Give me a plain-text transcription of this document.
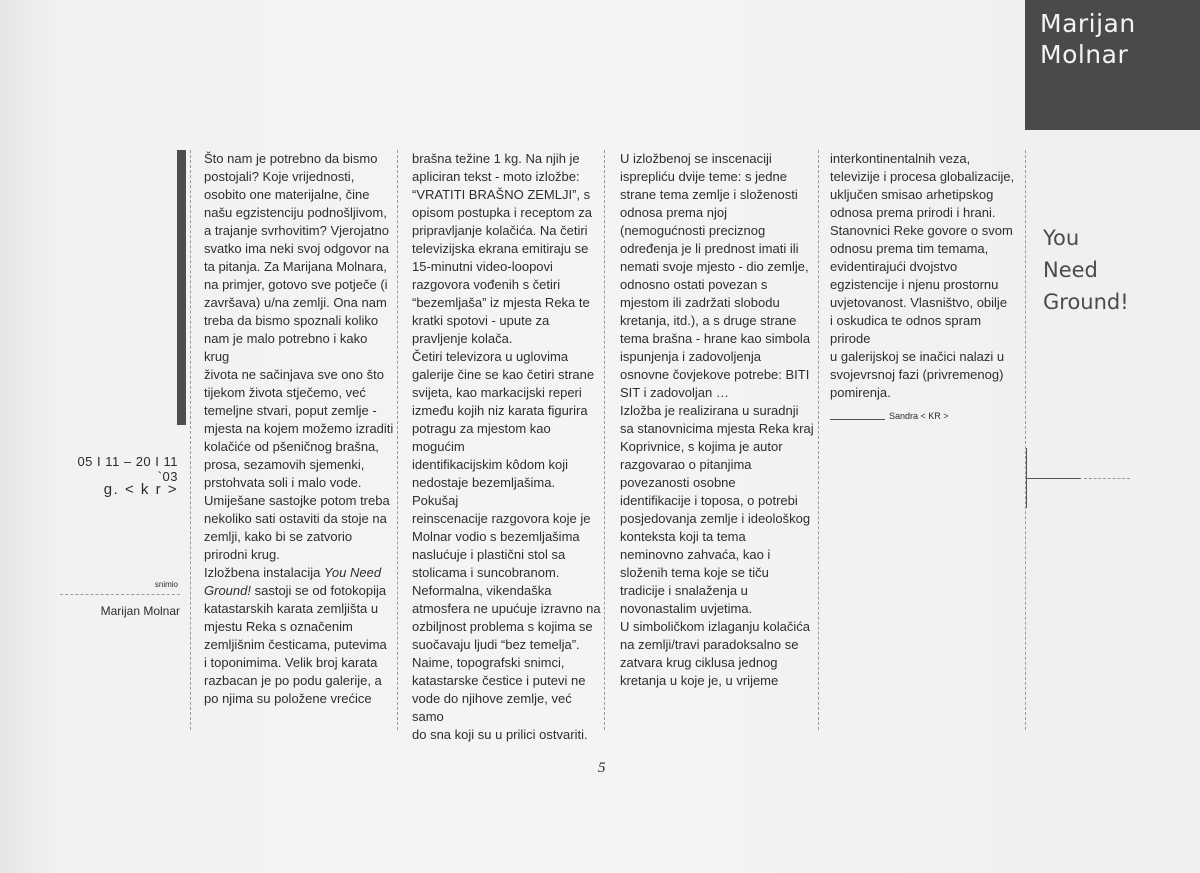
Marijan
Molnar
You
Need
Ground!
05 I 11 – 20 I 11 `03
g. < k r >
snimio
Marijan Molnar

Što nam je potrebno da bismo

postojali? Koje vrijednosti,

osobito one materijalne, čine

našu egzistenciju podnošljivom,

a trajanje svrhovitim? Vjerojatno

svatko ima neki svoj odgovor na

ta pitanja. Za Marijana Molnara,

na primjer, gotovo sve potječe (i

završava) u/na zemlji. Ona nam

treba da bismo spoznali koliko

nam je malo potrebno i kako krug

života ne sačinjava sve ono što

tijekom života stječemo, već

temeljne stvari, poput zemlje -

mjesta na kojem možemo izraditi

kolačiće od pšeničnog brašna,

prosa, sezamovih sjemenki,

prstohvata soli i malo vode.

Umiješane sastojke potom treba

nekoliko sati ostaviti da stoje na

zemlji, kako bi se zatvorio

prirodni krug.

Izložbena instalacija You Need

Ground! sastoji se od fotokopija

katastarskih karata zemljišta u

mjestu Reka s označenim

zemljišnim česticama, putevima

i toponimima. Velik broj karata

razbacan je po podu galerije, a

po njima su položene vrećice

brašna težine 1 kg. Na njih je

apliciran tekst - moto izložbe:

“VRATITI BRAŠNO ZEMLJI”, s

opisom postupka i receptom za

pripravljanje kolačića. Na četiri

televizijska ekrana emitiraju se

15-minutni video-loopovi

razgovora vođenih s četiri

“bezemljaša” iz mjesta Reka te

kratki spotovi - upute za

pravljenje kolača.

Četiri televizora u uglovima

galerije čine se kao četiri strane

svijeta, kao markacijski reperi

između kojih niz karata figurira

potragu za mjestom kao mogućim

identifikacijskim kôdom koji

nedostaje bezemljašima. Pokušaj

reinscenacije razgovora koje je

Molnar vodio s bezemljašima

naslućuje i plastični stol sa

stolicama i suncobranom.

Neformalna, vikendaška

atmosfera ne upućuje izravno na

ozbiljnost problema s kojima se

suočavaju ljudi “bez temelja”.

Naime, topografski snimci,

katastarske čestice i putevi ne

vode do njihove zemlje, već samo

do sna koji su u prilici ostvariti.

U izložbenoj se inscenaciji

isprepliću dvije teme: s jedne

strane tema zemlje i složenosti

odnosa prema njoj

(nemogućnosti preciznog

određenja je li prednost imati ili

nemati svoje mjesto - dio zemlje,

odnosno ostati povezan s

mjestom ili zadržati slobodu

kretanja, itd.), a s druge strane

tema brašna - hrane kao simbola

ispunjenja i zadovoljenja

osnovne čovjekove potrebe: BITI

SIT i zadovoljan …

Izložba je realizirana u suradnji

sa stanovnicima mjesta Reka kraj

Koprivnice, s kojima je autor

razgovarao o pitanjima

povezanosti osobne

identifikacije i toposa, o potrebi

posjedovanja zemlje i ideološkog

konteksta koji ta tema

neminovno zahvaća, kao i

složenih tema koje se tiču

tradicije i snalaženja u

novonastalim uvjetima.

U simboličkom izlaganju kolačića

na zemlji/travi paradoksalno se

zatvara krug ciklusa jednog

kretanja u koje je, u vrijeme

interkontinentalnih veza,

televizije i procesa globalizacije,

uključen smisao arhetipskog

odnosa prema prirodi i hrani.

Stanovnici Reke govore o svom

odnosu prema tim temama,

evidentirajući dvojstvo

egzistencije i njenu prostornu

uvjetovanost. Vlasništvo, obilje

i oskudica te odnos spram prirode

u galerijskoj se inačici nalazi u

svojevrsnoj fazi (privremenog)

pomirenja.

Sandra < KR >
5
